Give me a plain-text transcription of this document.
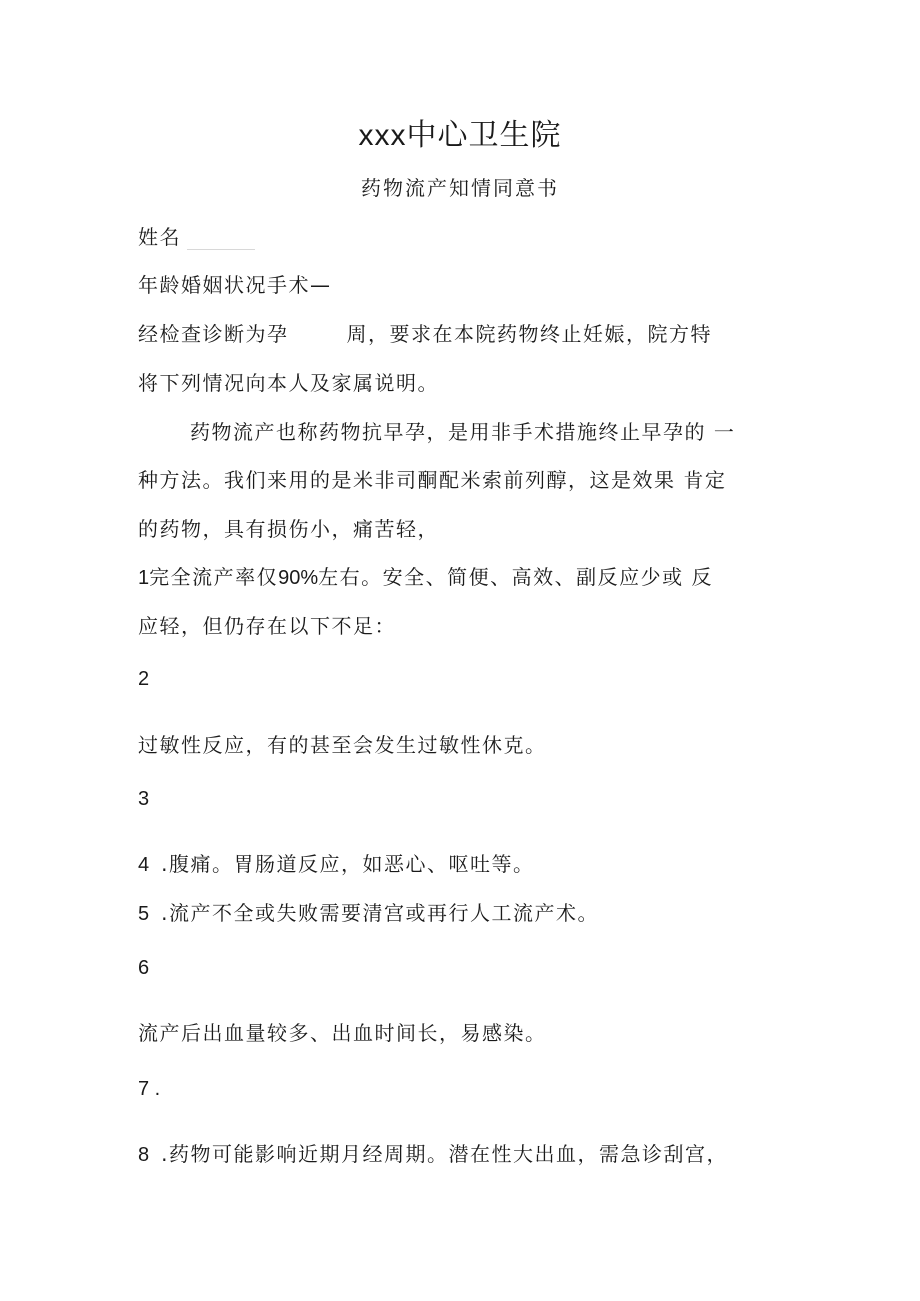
xxx中心卫生院
药物流产知情同意书
姓名
年龄婚姻状况手术—
经检查诊断为孕	周，要求在本院药物终止妊娠，院方特
将下列情况向本人及家属说明。
药物流产也称药物抗早孕，是用非手术措施终止早孕的 一
种方法。我们来用的是米非司酮配米索前列醇，这是效果 肯定
的药物，具有损伤小，痛苦轻，
1完全流产率仅90%左右。安全、简便、高效、副反应少或 反
应轻，但仍存在以下不足：
2
过敏性反应，有的甚至会发生过敏性休克。
3
4 .腹痛。胃肠道反应，如恶心、呕吐等。
5 .流产不全或失败需要清宫或再行人工流产术。
6
流产后出血量较多、出血时间长，易感染。
7 .
8 .药物可能影响近期月经周期。潜在性大出血，需急诊刮宫，
